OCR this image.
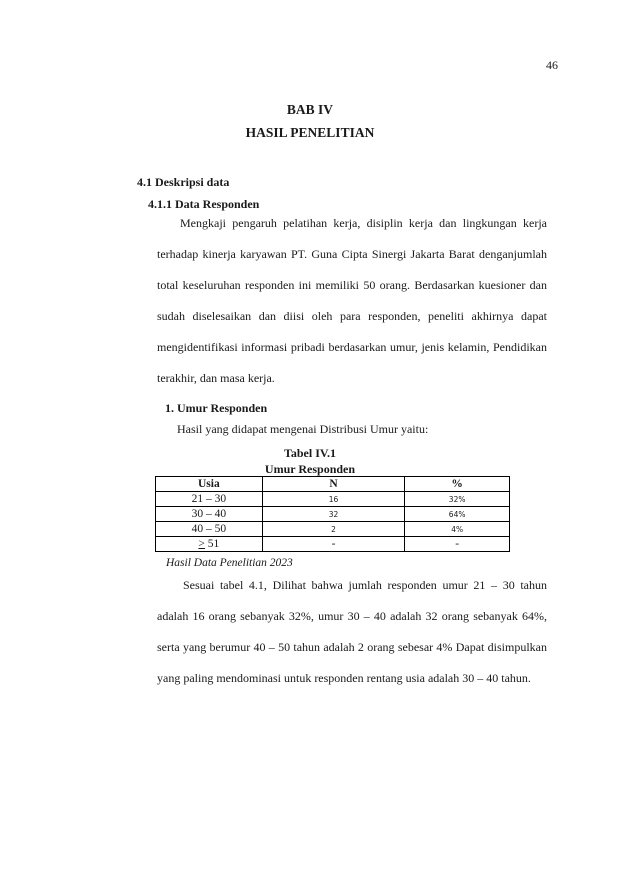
46
BAB IV
HASIL PENELITIAN
4.1 Deskripsi data
4.1.1 Data Responden
Mengkaji pengaruh pelatihan kerja, disiplin kerja dan lingkungan kerja terhadap kinerja karyawan PT. Guna Cipta Sinergi Jakarta Barat denganjumlah total keseluruhan responden ini memiliki 50 orang. Berdasarkan kuesioner dan sudah diselesaikan dan diisi oleh para responden, peneliti akhirnya dapat mengidentifikasi informasi pribadi berdasarkan umur, jenis kelamin, Pendidikan terakhir, dan masa kerja.
1. Umur Responden
Hasil yang didapat mengenai Distribusi Umur yaitu:
Tabel IV.1
Umur Responden
Usia	N	%
21 – 30	16	32%
30 – 40	32	64%
40 – 50	2	4%
≥ 51	-	-
Hasil Data Penelitian 2023
Sesuai tabel 4.1, Dilihat bahwa jumlah responden umur 21 – 30 tahun adalah 16 orang sebanyak 32%, umur 30 – 40 adalah 32 orang sebanyak 64%, serta yang berumur 40 – 50 tahun adalah 2 orang sebesar 4% Dapat disimpulkan yang paling mendominasi untuk responden rentang usia adalah 30 – 40 tahun.
